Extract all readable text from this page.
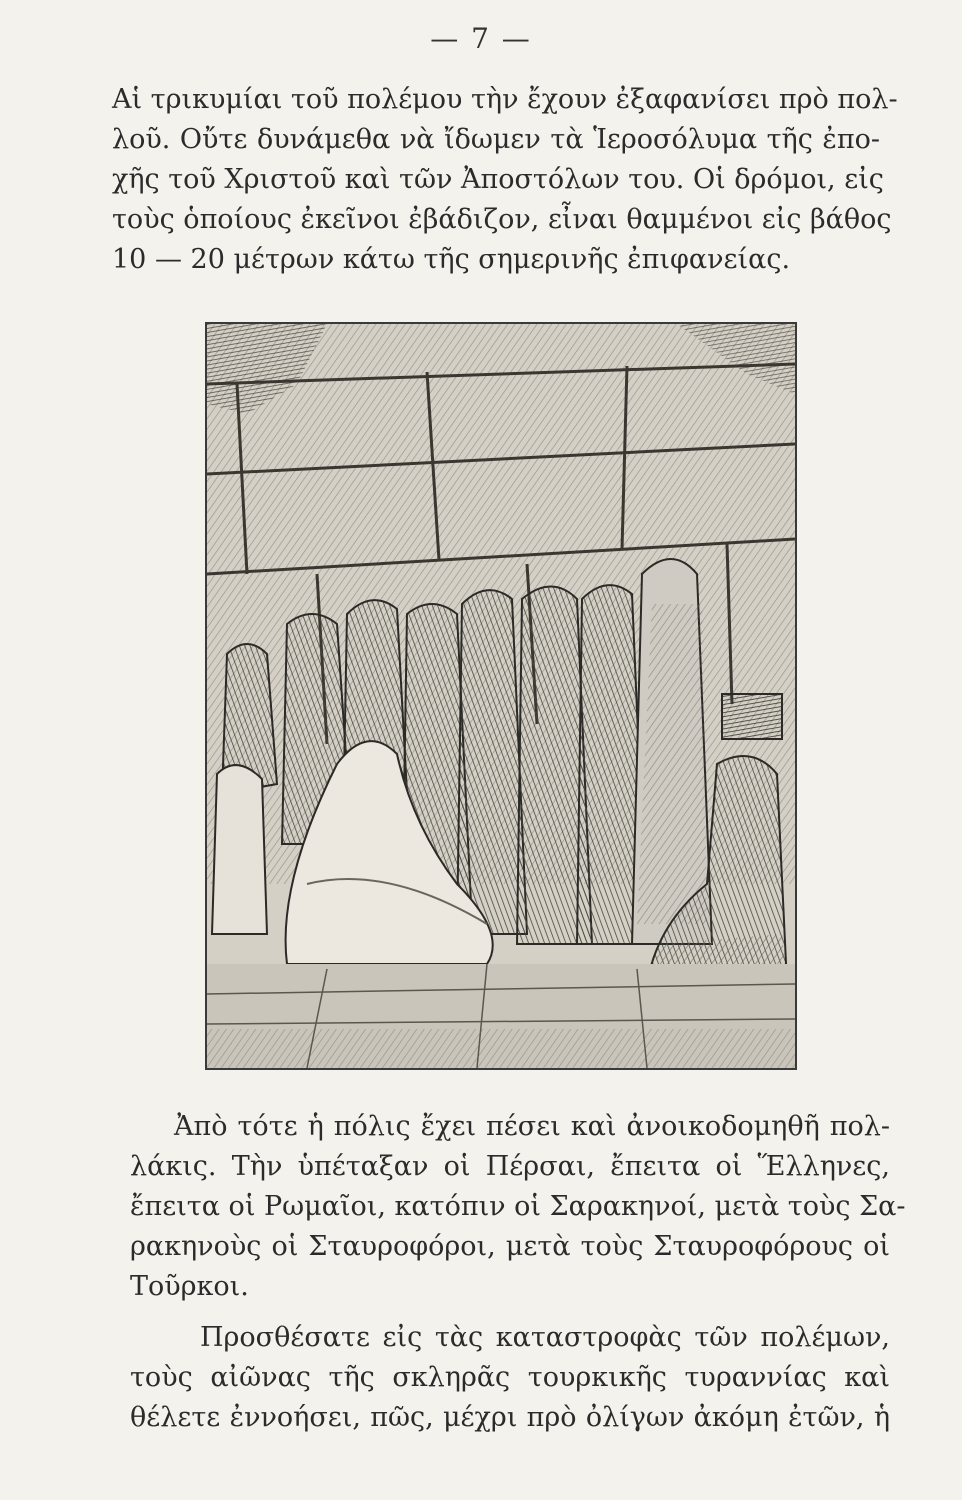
— 7 —
Αἱ τρικυμίαι τοῦ πολέμου τὴν ἔχουν ἐξαφανίσει πρὸ πολ-
λοῦ. Οὔτε δυνάμεθα νὰ ἴδωμεν τὰ Ἱεροσόλυμα τῆς ἐπο-
χῆς τοῦ Χριστοῦ καὶ τῶν Ἀποστόλων του. Οἱ δρόμοι, εἰς
τοὺς ὁποίους ἐκεῖνοι ἐβάδιζον, εἶναι θαμμένοι εἰς βάθος
10 — 20 μέτρων κάτω τῆς σημερινῆς ἐπιφανείας.
Ἀπὸ τότε ἡ πόλις ἔχει πέσει καὶ ἀνοικοδομηθῆ πολ-
λάκις. Τὴν ὑπέταξαν οἱ Πέρσαι, ἔπειτα οἱ Ἕλληνες,
ἔπειτα οἱ Ρωμαῖοι, κατόπιν οἱ Σαρακηνοί, μετὰ τοὺς Σα-
ρακηνοὺς οἱ Σταυροφόροι, μετὰ τοὺς Σταυροφόρους οἱ
Τοῦρκοι.
Προσθέσατε εἰς τὰς καταστροφὰς τῶν πολέμων,
τοὺς αἰῶνας τῆς σκληρᾶς τουρκικῆς τυραννίας καὶ
θέλετε ἐννοήσει, πῶς, μέχρι πρὸ ὀλίγων ἀκόμη ἐτῶν, ἡ
